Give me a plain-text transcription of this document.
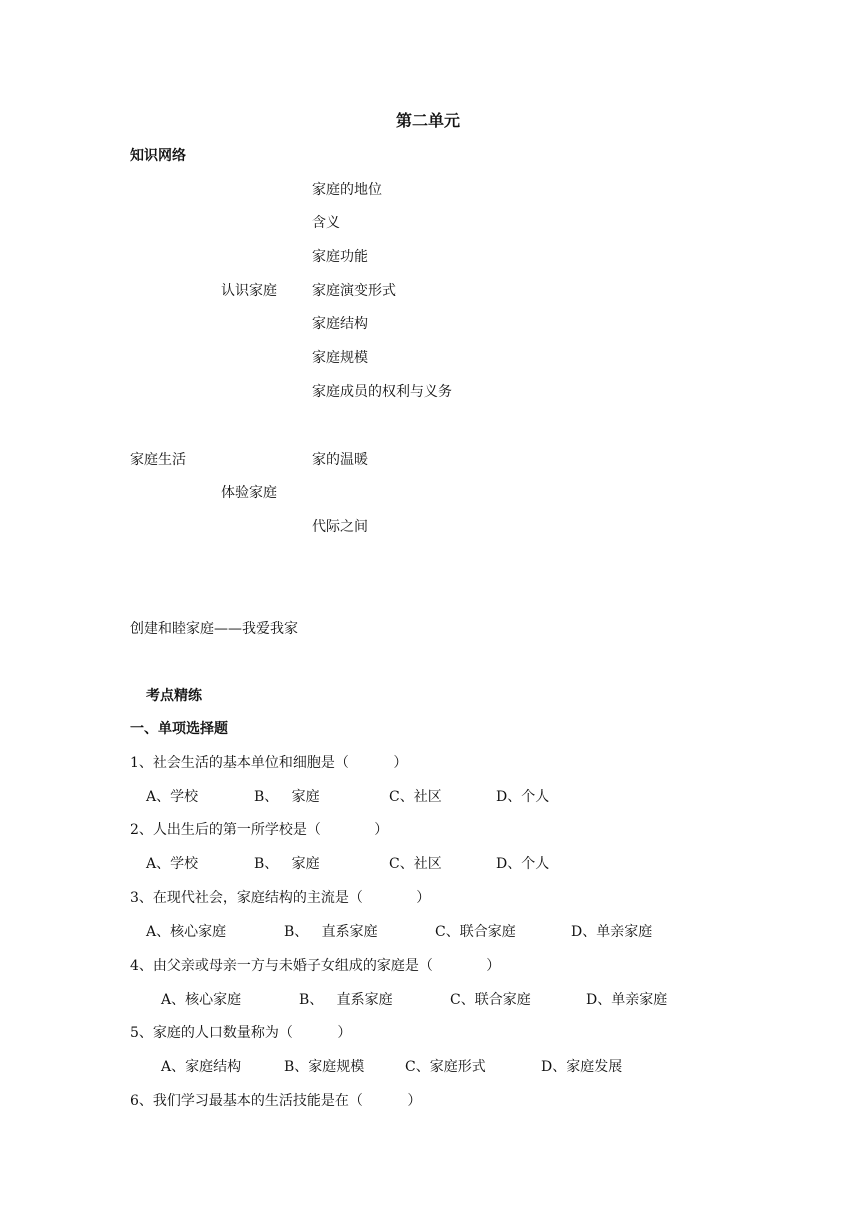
第二单元
知识网络
家庭的地位
含义
家庭功能
认识家庭	家庭演变形式
家庭结构
家庭规模
家庭成员的权利与义务
家庭生活	家的温暖
体验家庭
代际之间
创建和睦家庭——我爱我家
考点精练
一、单项选择题
1、社会生活的基本单位和细胞是（          ）
A、学校	B、   家庭	C、社区	D、个人
2、人出生后的第一所学校是（            ）
A、学校	B、   家庭	C、社区	D、个人
3、在现代社会，家庭结构的主流是（            ）
A、核心家庭	B、   直系家庭	C、联合家庭	D、单亲家庭
4、由父亲或母亲一方与未婚子女组成的家庭是（            ）
A、核心家庭	B、   直系家庭	C、联合家庭	D、单亲家庭
5、家庭的人口数量称为（          ）
A、家庭结构	B、家庭规模	C、家庭形式	D、家庭发展
6、我们学习最基本的生活技能是在（          ）
